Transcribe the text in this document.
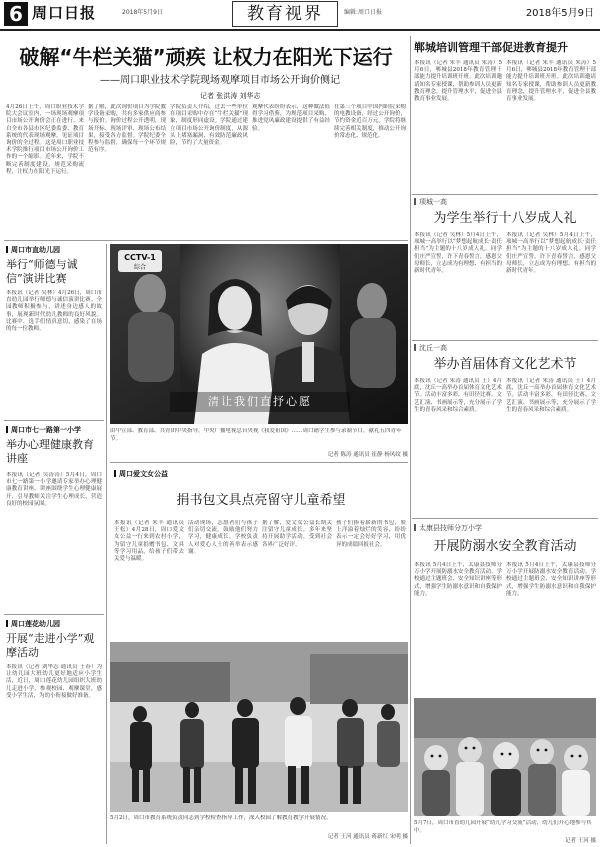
6 周口日报	2018年5月9日	教育视界	编辑:周口日报	2018年5月9日
破解“牛栏关猫”顽疾 让权力在阳光下运行
——周口职业技术学院现场观摩项目市场公开询价侧记
记者 张洪涛 刘华志
4月26日上午，周口职业技术学院大会议室内，一场现场观摩项目市场公开询价会正在进行。来自全市各县市区纪委监委、教育系统的代表现场观摩，见证项目询价的全过程。这是周口职业技术学院推行项目市场公开询价工作的一个缩影。近年来，学院不断完善制度建设，规范采购流程，让权力在阳光下运行。
据了解，此次询价项目为学院教学设备采购，共有多家供应商参与报价。询价过程公开透明，现场开标、现场评审、现场公布结果，接受各方监督。学院纪委全程参与监督，确保每一个环节规范有序。
学院负责人介绍，过去一些单位在项目采购中存在“牛栏关猫”现象，制度形同虚设。学院通过建立项目市场公开询价制度，从源头上堵塞漏洞，有效防范廉政风险，节约了大量资金。
观摩代表纷纷表示，这种做法值得学习借鉴，为规范项目采购、推进党风廉政建设提供了有益经验。
在第三个项目中国内职院采购的电教设备，经过公开询价，节约资金近百万元。学院将继续完善相关制度，推动公开询价常态化、规范化。
周口市直幼儿园
举行“师德与诚信”演讲比赛
本报讯（记者 吴林）4月26日，周口市直幼儿园举行师德与诚信演讲比赛。全园教师积极参与，讲述身边感人的故事，展现新时代幼儿教师的良好风貌。比赛中，选手们情真意切，感染了在场的每一位教师。
周口市七一路第一小学
举办心理健康教育讲座
本报讯（记者 吴涛涛）5月4日，周口市七一路第一小学邀请专家举办心理健康教育讲座。讲座围绕学生心理健康展开，引导教师关注学生心理成长，营造良好的校园氛围。
周口莲花幼儿园
开展“走进小学”观摩活动
本报讯（记者 刘华志 通讯员 王春）为让幼儿园大班幼儿更好地适应小学生活，近日，周口莲花幼儿园组织大班幼儿走进小学，参观校园、观摩课堂，感受小学生活，为幼小衔接做好准备。
CCTV-1
综合
清让我们直抒心愿
由中宣部、教育部、共青团中央指导，中央广播电视总台央视《我爱祖国》……周口籍学生参与录制节目，献礼五四青年节。
记者 陈涛 通讯员 崔静 杨风纹 摄
周口爱文女公益
捐书包文具点亮留守儿童希望
本报讯（记者 朱丰 通讯员 王松）4月28日，周口爱文女公益一行来到农村小学，为留守儿童捐赠书包、文具等学习用品，给孩子们带去关爱与温暖。
活动现场，志愿者们与孩子们亲切交流，鼓励他们努力学习，健康成长。学校负责人对爱心人士的善举表示感谢。
据了解，爱文女公益长期关注留守儿童成长，多年来坚持开展助学活动，受到社会各界广泛好评。
孩子们捧着崭新的书包，脸上洋溢着灿烂的笑容，纷纷表示一定会好好学习，用优异的成绩回报社会。
5月2日，周口市教育系统负责同志到学校检查指导工作，深入校园了解教育教学开展情况。
记者 王河 通讯员 蒋新红 宋明 摄
郸城培训管理干部促进教育提升
本报讯（记者 朱丰 通讯员 朱涛）5月6日，郸城县2018年教育管理干部能力提升培训班开班。此次培训邀请知名专家授课，帮助参训人员更新教育理念，提升管理水平，促进全县教育事业发展。
本报讯（记者 朱丰 通讯员 朱涛）5月6日，郸城县2018年教育管理干部能力提升培训班开班。此次培训邀请知名专家授课，帮助参训人员更新教育理念，提升管理水平，促进全县教育事业发展。
项城一高
为学生举行十八岁成人礼
本报讯（记者 吴林）5月4日上午，项城一高举行以“梦想起航成长·责任担当”为主题的十八岁成人礼。同学们庄严宣誓，许下青春誓言，感恩父母师长，立志成为有理想、有担当的新时代青年。
本报讯（记者 吴林）5月4日上午，项城一高举行以“梦想起航成长·责任担当”为主题的十八岁成人礼。同学们庄严宣誓，许下青春誓言，感恩父母师长，立志成为有理想、有担当的新时代青年。
沈丘一高
举办首届体育文化艺术节
本报讯（记者 朱涛 通讯员 王）4月底，沈丘一高举办首届体育文化艺术节。活动丰富多彩，有田径比赛、文艺汇演、书画展示等，充分展示了学生的青春风采和综合素质。
本报讯（记者 朱涛 通讯员 王）4月底，沈丘一高举办首届体育文化艺术节。活动丰富多彩，有田径比赛、文艺汇演、书画展示等，充分展示了学生的青春风采和综合素质。
太康县技师分万小学
开展防溺水安全教育活动
本报讯 5月4日上午，太康县技师分万小学开展防溺水安全教育活动。学校通过主题班会、安全知识讲座等形式，增强学生防溺水意识和自我保护能力。
本报讯 5月4日上午，太康县技师分万小学开展防溺水安全教育活动。学校通过主题班会、安全知识讲座等形式，增强学生防溺水意识和自我保护能力。
5月7日，周口市直幼儿园开展“幼儿学习交流”活动，幼儿们开心地参与其中。
记者 王河 摄
